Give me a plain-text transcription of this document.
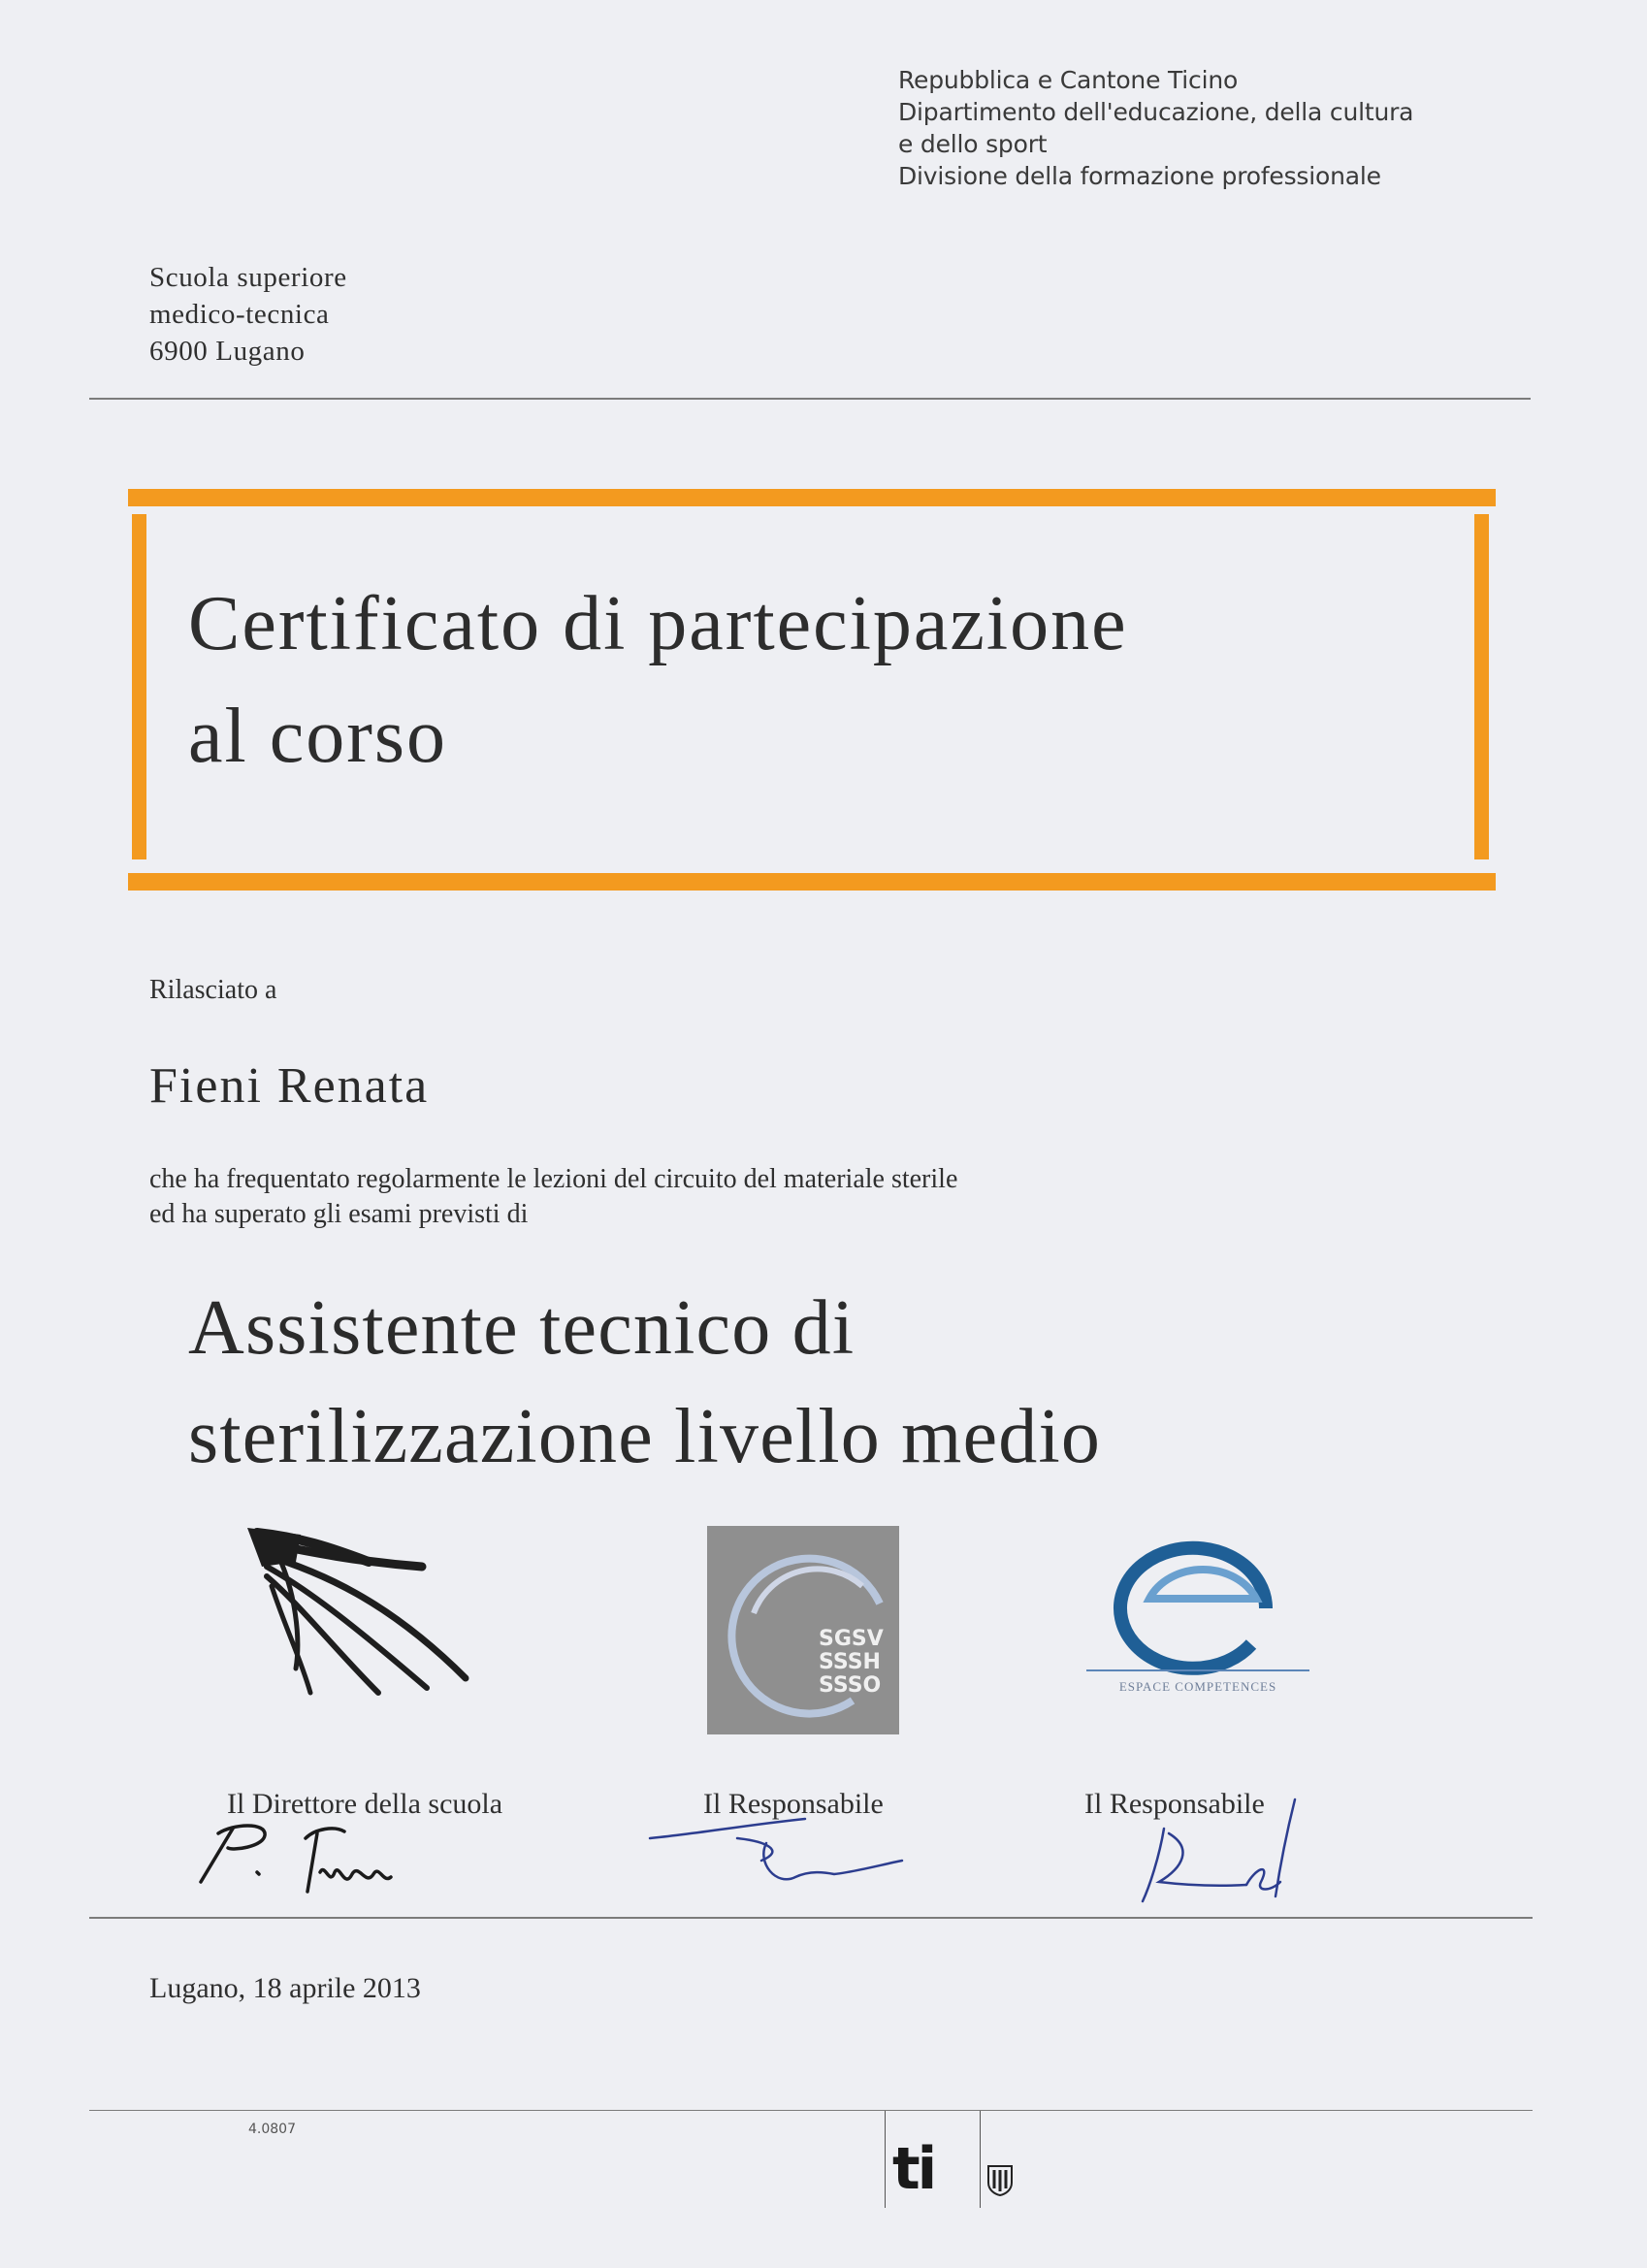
Repubblica e Cantone Ticino
Dipartimento dell'educazione, della cultura
e dello sport
Divisione della formazione professionale
Scuola superiore
medico-tecnica
6900 Lugano
Certificato di partecipazione
al corso
Rilasciato a
Fieni Renata
che ha frequentato regolarmente le lezioni del circuito del materiale sterile
ed ha superato gli esami previsti di
Assistente tecnico di
sterilizzazione livello medio
SGSV
SSSH
SSSO	ESPACE COMPETENCES
Il Direttore della scuola	Il Responsabile	Il Responsabile
Lugano, 18 aprile 2013
4.0807
ti
